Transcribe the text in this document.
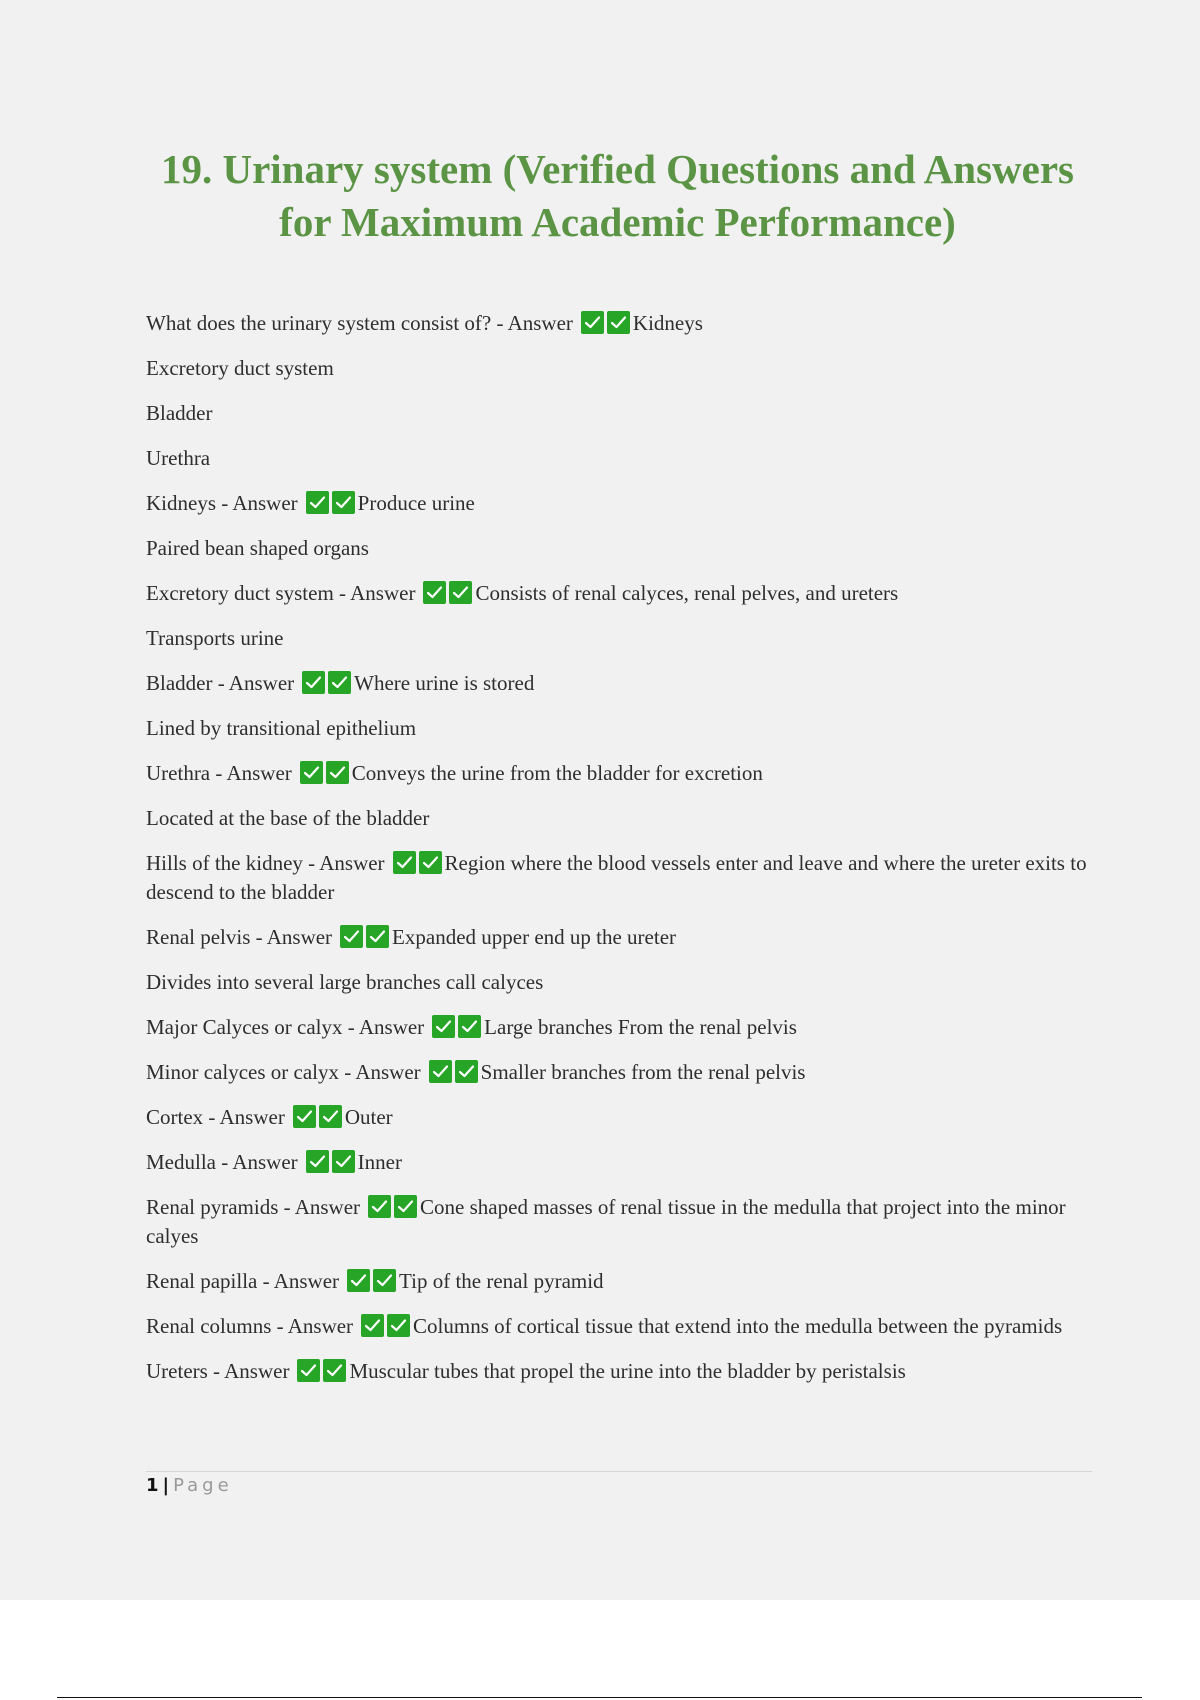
19. Urinary system (Verified Questions and Answers for Maximum Academic Performance)
What does the urinary system consist of? - Answer	Kidneys
Excretory duct system
Bladder
Urethra
Kidneys - Answer	Produce urine
Paired bean shaped organs
Excretory duct system - Answer	Consists of renal calyces, renal pelves, and ureters
Transports urine
Bladder - Answer	Where urine is stored
Lined by transitional epithelium
Urethra - Answer	Conveys the urine from the bladder for excretion
Located at the base of the bladder
Hills of the kidney - Answer	Region where the blood vessels enter and leave and where the ureter exits to descend to the bladder
Renal pelvis - Answer	Expanded upper end up the ureter
Divides into several large branches call calyces
Major Calyces or calyx - Answer	Large branches From the renal pelvis
Minor calyces or calyx - Answer	Smaller branches from the renal pelvis
Cortex - Answer	Outer
Medulla - Answer	Inner
Renal pyramids - Answer	Cone shaped masses of renal tissue in the medulla that project into the minor calyes
Renal papilla - Answer	Tip of the renal pyramid
Renal columns - Answer	Columns of cortical tissue that extend into the medulla between the pyramids
Ureters - Answer	Muscular tubes that propel the urine into the bladder by peristalsis
1 | Page
